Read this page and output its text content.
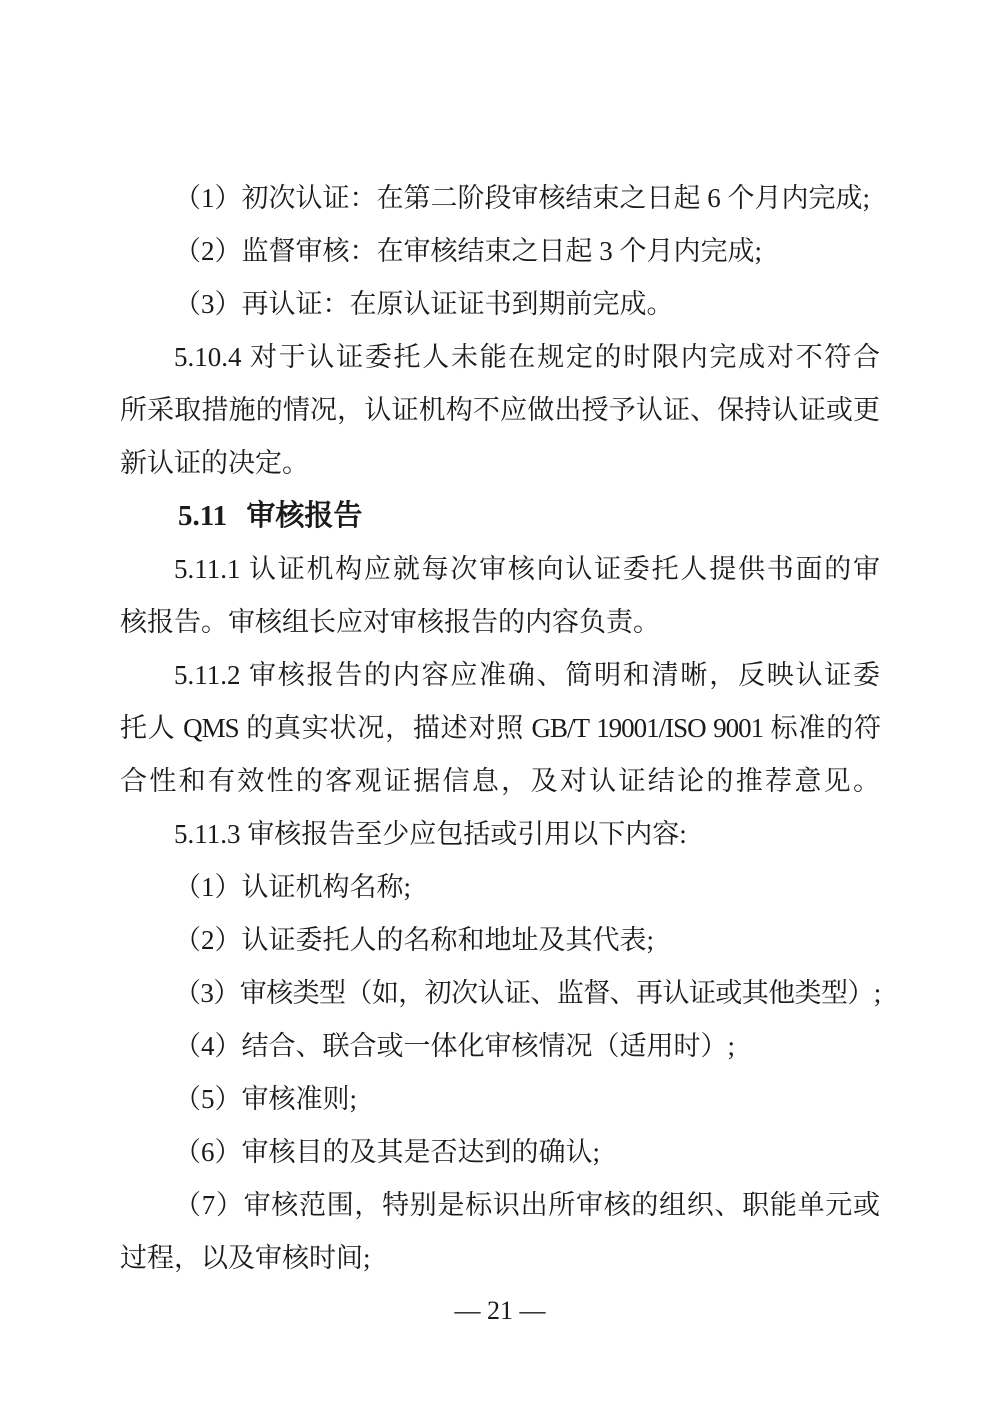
（1）初次认证：在第二阶段审核结束之日起 6 个月内完成;
（2）监督审核：在审核结束之日起 3 个月内完成;
（3）再认证：在原认证证书到期前完成。
5.10.4 对于认证委托人未能在规定的时限内完成对不符合
所采取措施的情况，认证机构不应做出授予认证、保持认证或更
新认证的决定。
5.11 审核报告
5.11.1 认证机构应就每次审核向认证委托人提供书面的审
核报告。审核组长应对审核报告的内容负责。
5.11.2 审核报告的内容应准确、简明和清晰，反映认证委
托人 QMS 的真实状况，描述对照 GB/T 19001/ISO 9001 标准的符
合性和有效性的客观证据信息，及对认证结论的推荐意见。
5.11.3 审核报告至少应包括或引用以下内容:
（1）认证机构名称;
（2）认证委托人的名称和地址及其代表;
（3）审核类型（如，初次认证、监督、再认证或其他类型）;
（4）结合、联合或一体化审核情况（适用时）;
（5）审核准则;
（6）审核目的及其是否达到的确认;
（7）审核范围，特别是标识出所审核的组织、职能单元或
过程，以及审核时间;
— 21 —
